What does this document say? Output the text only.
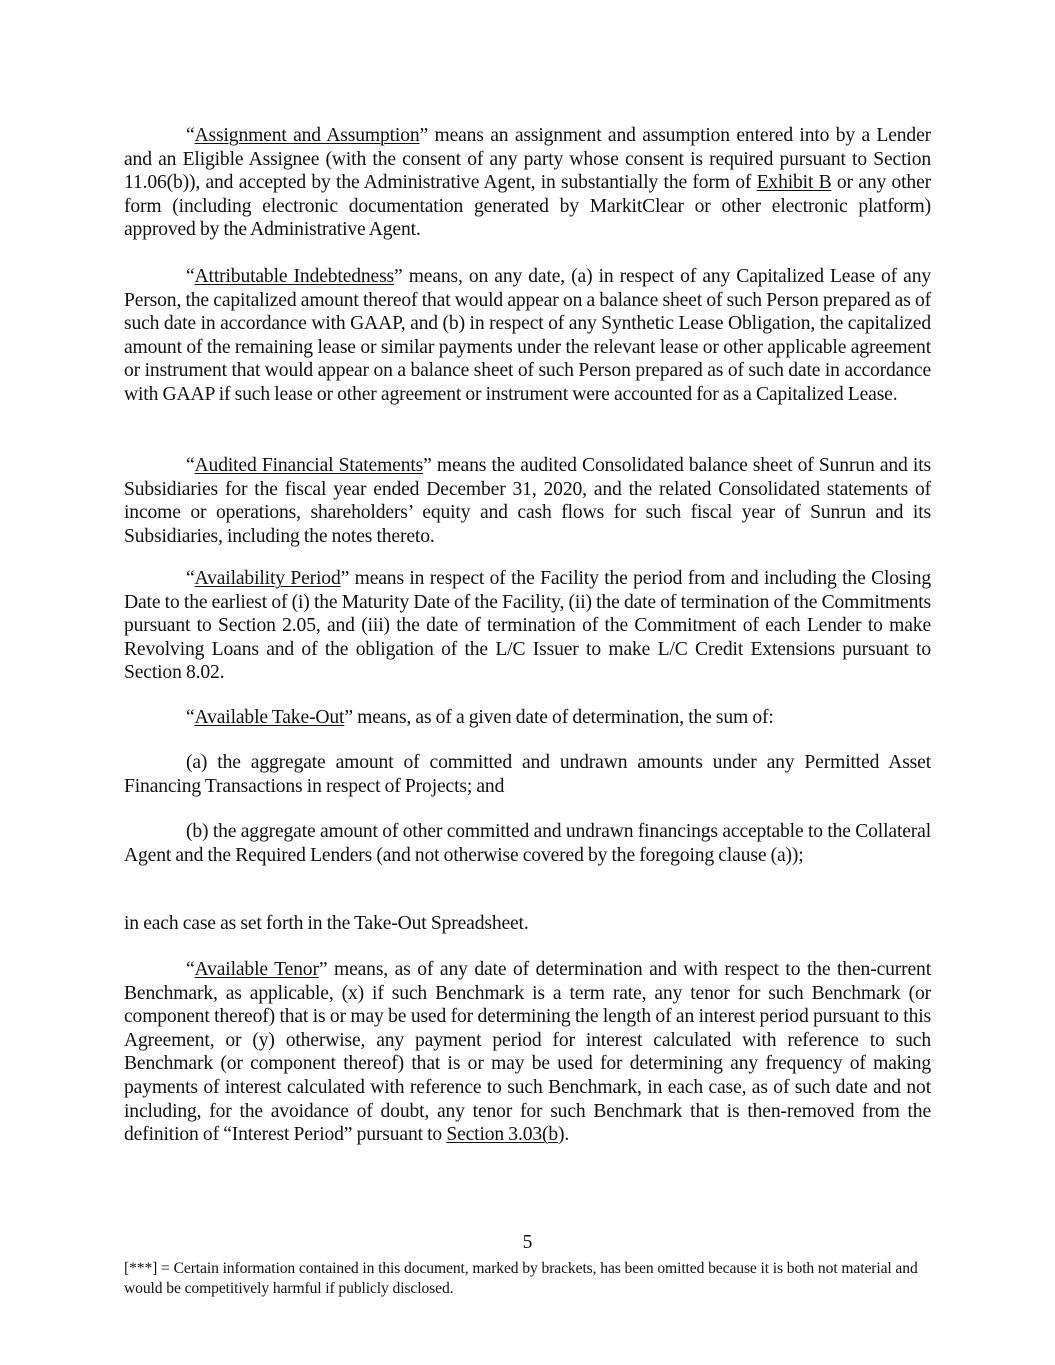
“Assignment and Assumption” means an assignment and assumption entered into by a Lender and an Eligible Assignee (with the consent of any party whose consent is required pursuant to Section 11.06(b)), and accepted by the Administrative Agent, in substantially the form of Exhibit B or any other form (including electronic documentation generated by MarkitClear or other electronic platform) approved by the Administrative Agent.

“Attributable Indebtedness” means, on any date, (a) in respect of any Capitalized Lease of any Person, the capitalized amount thereof that would appear on a balance sheet of such Person prepared as of such date in accordance with GAAP, and (b) in respect of any Synthetic Lease Obligation, the capitalized amount of the remaining lease or similar payments under the relevant lease or other applicable agreement or instrument that would appear on a balance sheet of such Person prepared as of such date in accordance with GAAP if such lease or other agreement or instrument were accounted for as a Capitalized Lease.

“Audited Financial Statements” means the audited Consolidated balance sheet of Sunrun and its Subsidiaries for the fiscal year ended December 31, 2020, and the related Consolidated statements of income or operations, shareholders’ equity and cash flows for such fiscal year of Sunrun and its Subsidiaries, including the notes thereto.

“Availability Period” means in respect of the Facility the period from and including the Closing Date to the earliest of (i) the Maturity Date of the Facility, (ii) the date of termination of the Commitments pursuant to Section 2.05, and (iii) the date of termination of the Commitment of each Lender to make Revolving Loans and of the obligation of the L/C Issuer to make L/C Credit Extensions pursuant to Section 8.02.

“Available Take-Out” means, as of a given date of determination, the sum of:

(a) the aggregate amount of committed and undrawn amounts under any Permitted Asset Financing Transactions in respect of Projects; and

(b) the aggregate amount of other committed and undrawn financings acceptable to the Collateral Agent and the Required Lenders (and not otherwise covered by the foregoing clause (a));

in each case as set forth in the Take-Out Spreadsheet.

“Available Tenor” means, as of any date of determination and with respect to the then-current Benchmark, as applicable, (x) if such Benchmark is a term rate, any tenor for such Benchmark (or component thereof) that is or may be used for determining the length of an interest period pursuant to this Agreement, or (y) otherwise, any payment period for interest calculated with reference to such Benchmark (or component thereof) that is or may be used for determining any frequency of making payments of interest calculated with reference to such Benchmark, in each case, as of such date and not including, for the avoidance of doubt, any tenor for such Benchmark that is then-removed from the definition of “Interest Period” pursuant to Section 3.03(b).

5
[***] = Certain information contained in this document, marked by brackets, has been omitted because it is both not material and would be competitively harmful if publicly disclosed.
